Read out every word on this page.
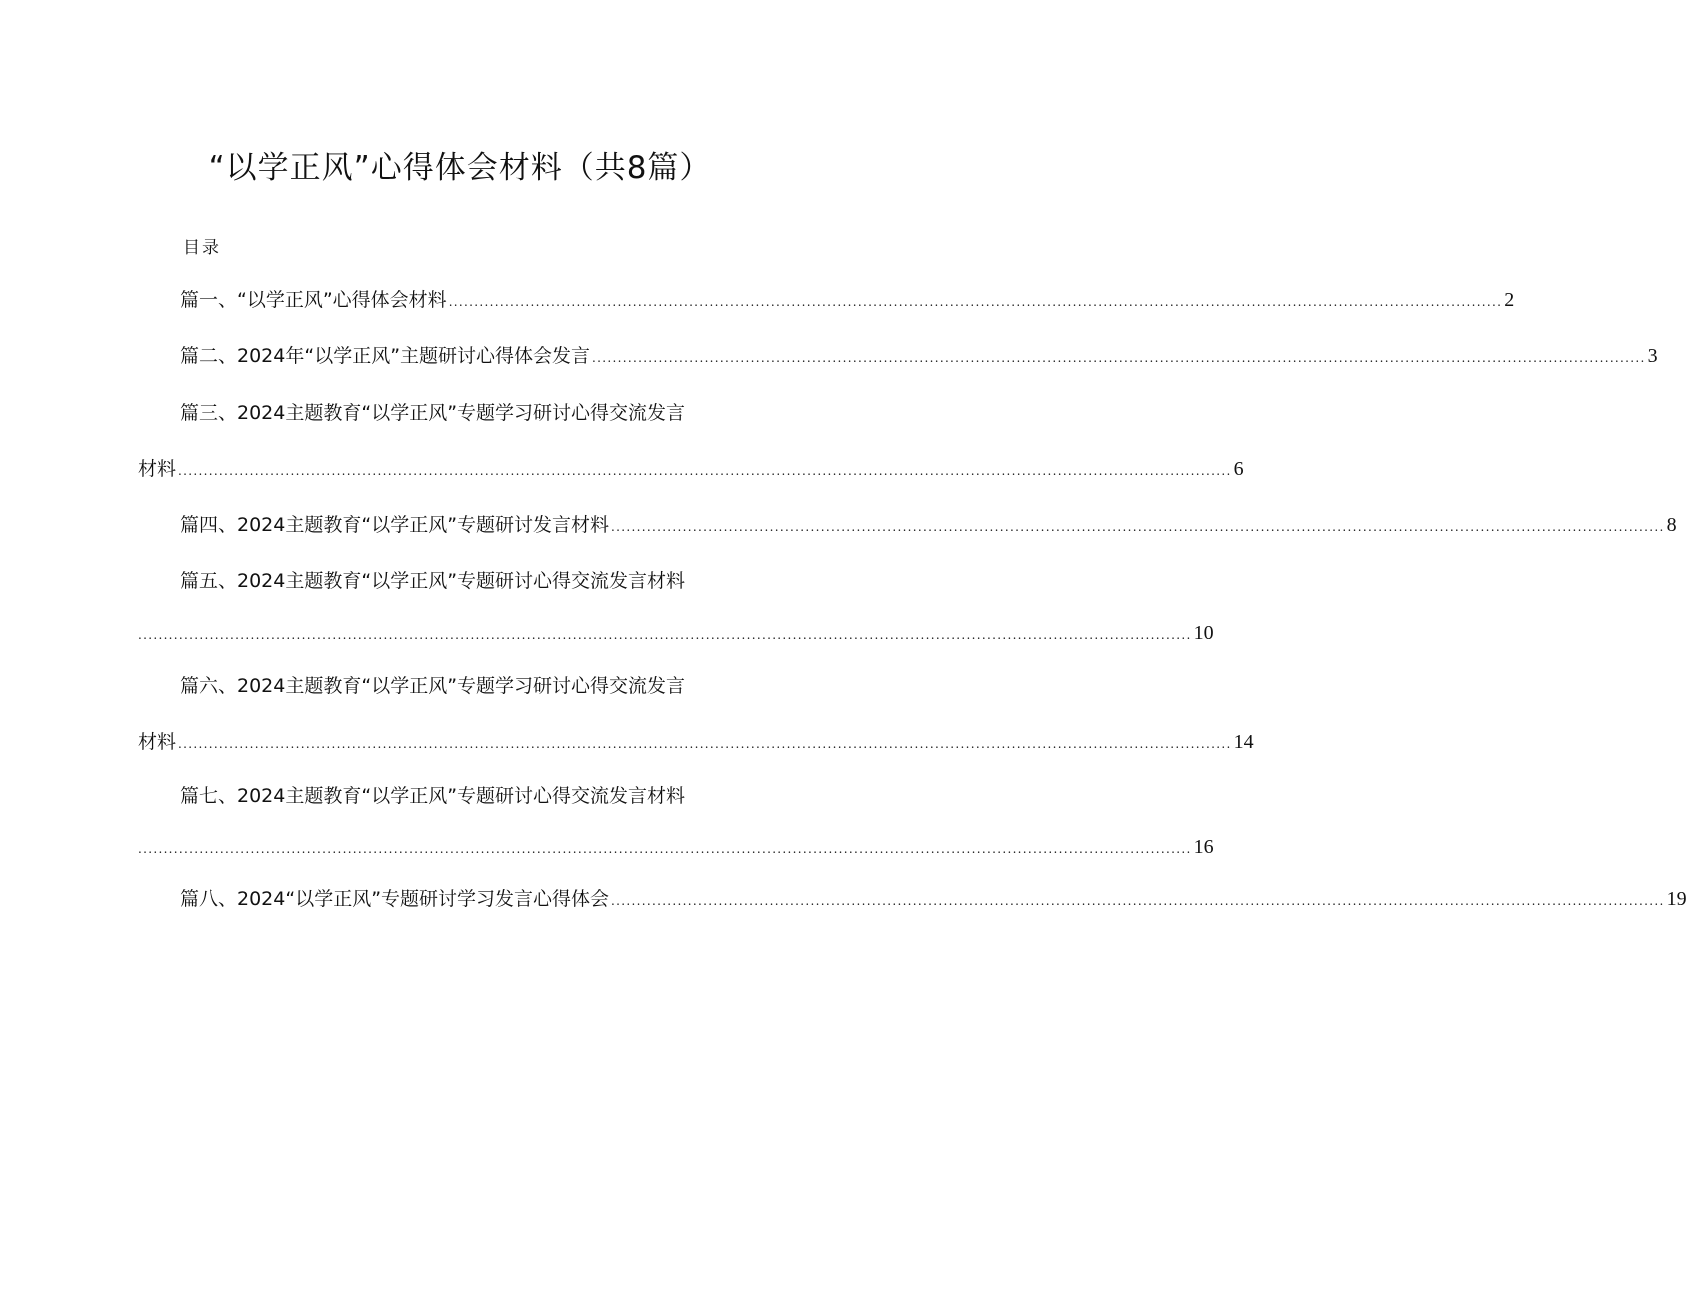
“以学正风”心得体会材料（共8篇）
目录
篇一、“以学正风”心得体会材料 .............................................................................................................................................................................................................. 2
篇二、2024年“以学正风”主题研讨心得体会发言 .............................................................................................................................................................................................................. 3
篇三、2024主题教育“以学正风”专题学习研讨心得交流发言
材料 .............................................................................................................................................................................................................. 6
篇四、2024主题教育“以学正风”专题研讨发言材料 .............................................................................................................................................................................................................. 8
篇五、2024主题教育“以学正风”专题研讨心得交流发言材料
.............................................................................................................................................................................................................. 10
篇六、2024主题教育“以学正风”专题学习研讨心得交流发言
材料 .............................................................................................................................................................................................................. 14
篇七、2024主题教育“以学正风”专题研讨心得交流发言材料
.............................................................................................................................................................................................................. 16
篇八、2024 “以学正风”专题研讨学习发言心得体会 .............................................................................................................................................................................................................. 19
